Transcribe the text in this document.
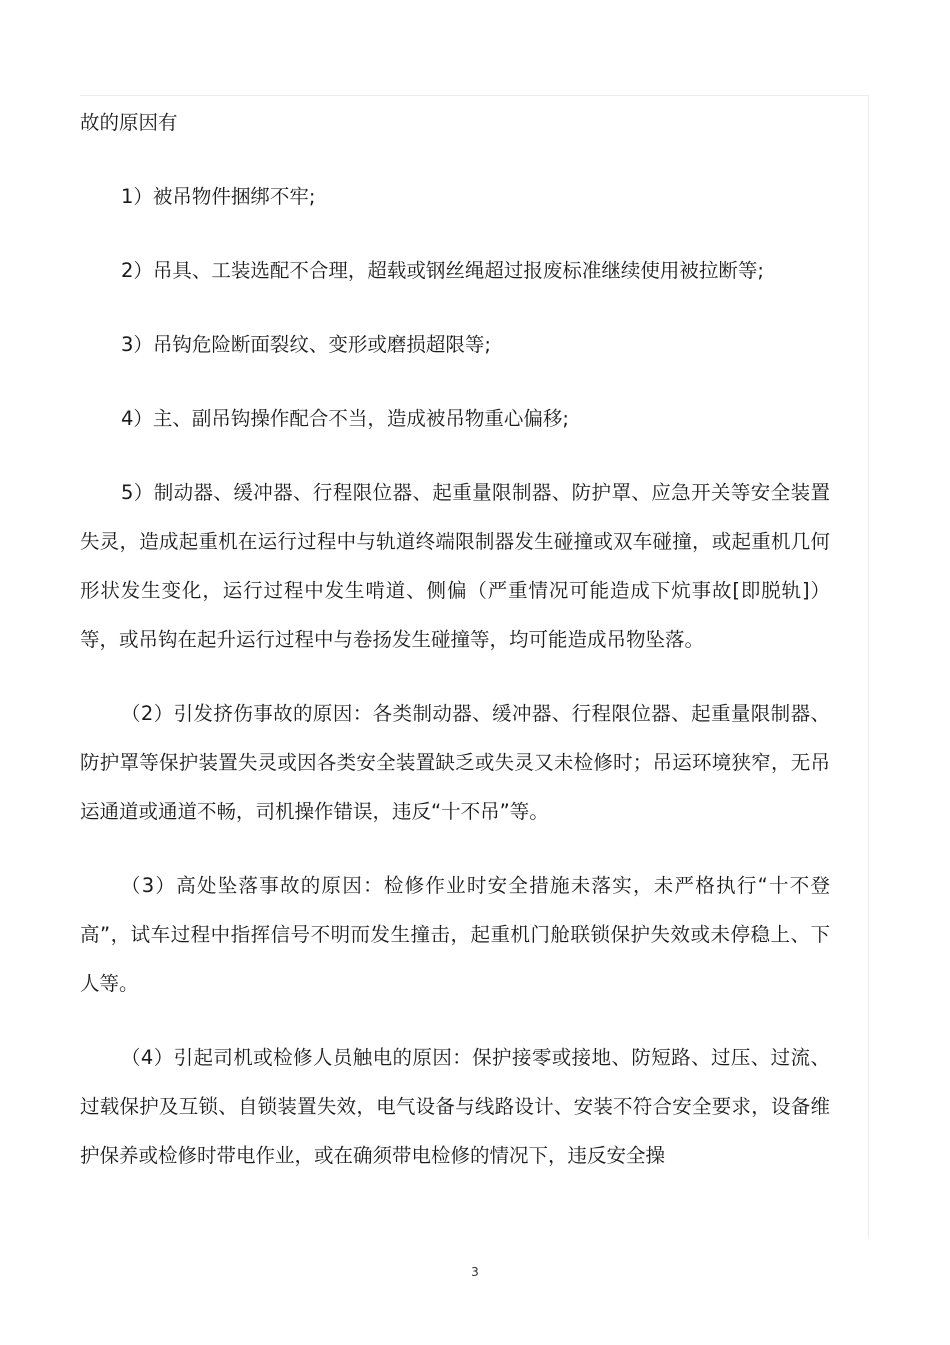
故的原因有

1）被吊物件捆绑不牢;

2）吊具、工装选配不合理，超载或钢丝绳超过报废标准继续使用被拉断等;

3）吊钩危险断面裂纹、变形或磨损超限等;

4）主、副吊钩操作配合不当，造成被吊物重心偏移;

5）制动器、缓冲器、行程限位器、起重量限制器、防护罩、应急开关等安全装置失灵，造成起重机在运行过程中与轨道终端限制器发生碰撞或双车碰撞，或起重机几何形状发生变化，运行过程中发生啃道、侧偏（严重情况可能造成下炕事故[即脱轨]）等，或吊钩在起升运行过程中与卷扬发生碰撞等，均可能造成吊物坠落。

（2）引发挤伤事故的原因：各类制动器、缓冲器、行程限位器、起重量限制器、防护罩等保护装置失灵或因各类安全装置缺乏或失灵又未检修时；吊运环境狭窄，无吊运通道或通道不畅，司机操作错误，违反“十不吊”等。

（3）高处坠落事故的原因：检修作业时安全措施未落实，未严格执行“十不登高”，试车过程中指挥信号不明而发生撞击，起重机门舱联锁保护失效或未停稳上、下人等。

（4）引起司机或检修人员触电的原因：保护接零或接地、防短路、过压、过流、过载保护及互锁、自锁装置失效，电气设备与线路设计、安装不符合安全要求，设备维护保养或检修时带电作业，或在确须带电检修的情况下，违反安全操

3
